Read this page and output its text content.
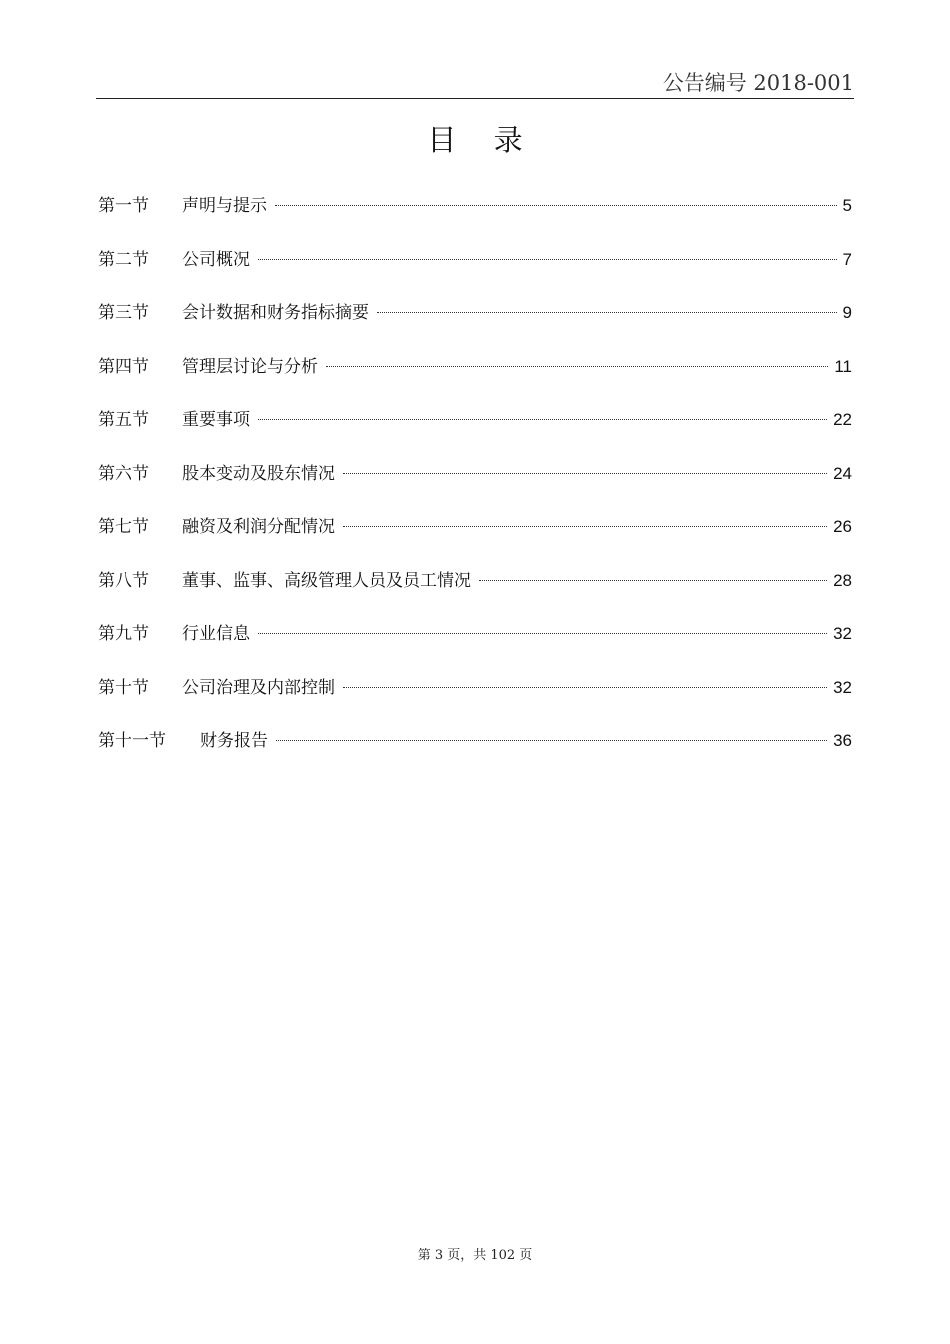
公告编号 2018-001
目 录
第一节	声明与提示	5
第二节	公司概况	7
第三节	会计数据和财务指标摘要	9
第四节	管理层讨论与分析	11
第五节	重要事项	22
第六节	股本变动及股东情况	24
第七节	融资及利润分配情况	26
第八节	董事、监事、高级管理人员及员工情况	28
第九节	行业信息	32
第十节	公司治理及内部控制	32
第十一节	财务报告	36
第 3 页，共 102 页
